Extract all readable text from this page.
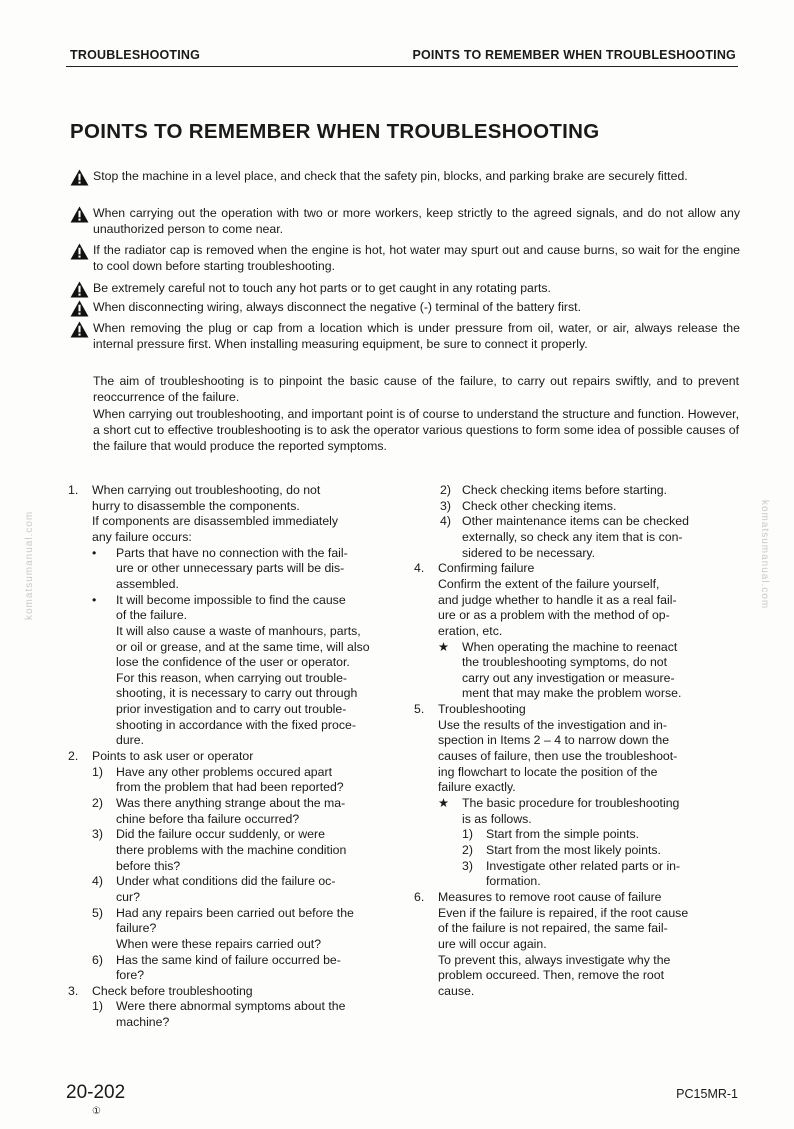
TROUBLESHOOTING	POINTS TO REMEMBER WHEN TROUBLESHOOTING
POINTS TO REMEMBER WHEN TROUBLESHOOTING
Stop the machine in a level place, and check that the safety pin, blocks, and parking brake are securely fitted.
When carrying out the operation with two or more workers, keep strictly to the agreed signals, and do not allow any unauthorized person to come near.
If the radiator cap is removed when the engine is hot, hot water may spurt out and cause burns, so wait for the engine to cool down before starting troubleshooting.
Be extremely careful not to touch any hot parts or to get caught in any rotating parts.
When disconnecting wiring, always disconnect the negative (-) terminal of the battery first.
When removing the plug or cap from a location which is under pressure from oil, water, or air, always release the internal pressure first. When installing measuring equipment, be sure to connect it properly.
The aim of troubleshooting is to pinpoint the basic cause of the failure, to carry out repairs swiftly, and to prevent reoccurrence of the failure.
When carrying out troubleshooting, and important point is of course to understand the structure and function. However, a short cut to effective troubleshooting is to ask the operator various questions to form some idea of possible causes of the failure that would produce the reported symptoms.
1. When carrying out troubleshooting, do not
hurry to disassemble the components.
If components are disassembled immediately
any failure occurs:
• Parts that have no connection with the fail-
ure or other unnecessary parts will be dis-
assembled.
• It will become impossible to find the cause
of the failure.
It will also cause a waste of manhours, parts,
or oil or grease, and at the same time, will also
lose the confidence of the user or operator.
For this reason, when carrying out trouble-
shooting, it is necessary to carry out through
prior investigation and to carry out trouble-
shooting in accordance with the fixed proce-
dure.
2. Points to ask user or operator
1) Have any other problems occured apart
from the problem that had been reported?
2) Was there anything strange about the ma-
chine before tha failure occurred?
3) Did the failure occur suddenly, or were
there problems with the machine condition
before this?
4) Under what conditions did the failure oc-
cur?
5) Had any repairs been carried out before the
failure?
When were these repairs carried out?
6) Has the same kind of failure occurred be-
fore?
3. Check before troubleshooting
1) Were there abnormal symptoms about the
machine?
2) Check checking items before starting.
3) Check other checking items.
4) Other maintenance items can be checked
externally, so check any item that is con-
sidered to be necessary.
4. Confirming failure
Confirm the extent of the failure yourself,
and judge whether to handle it as a real fail-
ure or as a problem with the method of op-
eration, etc.
★ When operating the machine to reenact
the troubleshooting symptoms, do not
carry out any investigation or measure-
ment that may make the problem worse.
5. Troubleshooting
Use the results of the investigation and in-
spection in Items 2 – 4 to narrow down the
causes of failure, then use the troubleshoot-
ing flowchart to locate the position of the
failure exactly.
★ The basic procedure for troubleshooting
is as follows.
1) Start from the simple points.
2) Start from the most likely points.
3) Investigate other related parts or in-
formation.
6. Measures to remove root cause of failure
Even if the failure is repaired, if the root cause
of the failure is not repaired, the same fail-
ure will occur again.
To prevent this, always investigate why the
problem occureed. Then, remove the root
cause.
komatsumanual.com	komatsumanual.com
20-202
①
PC15MR-1
